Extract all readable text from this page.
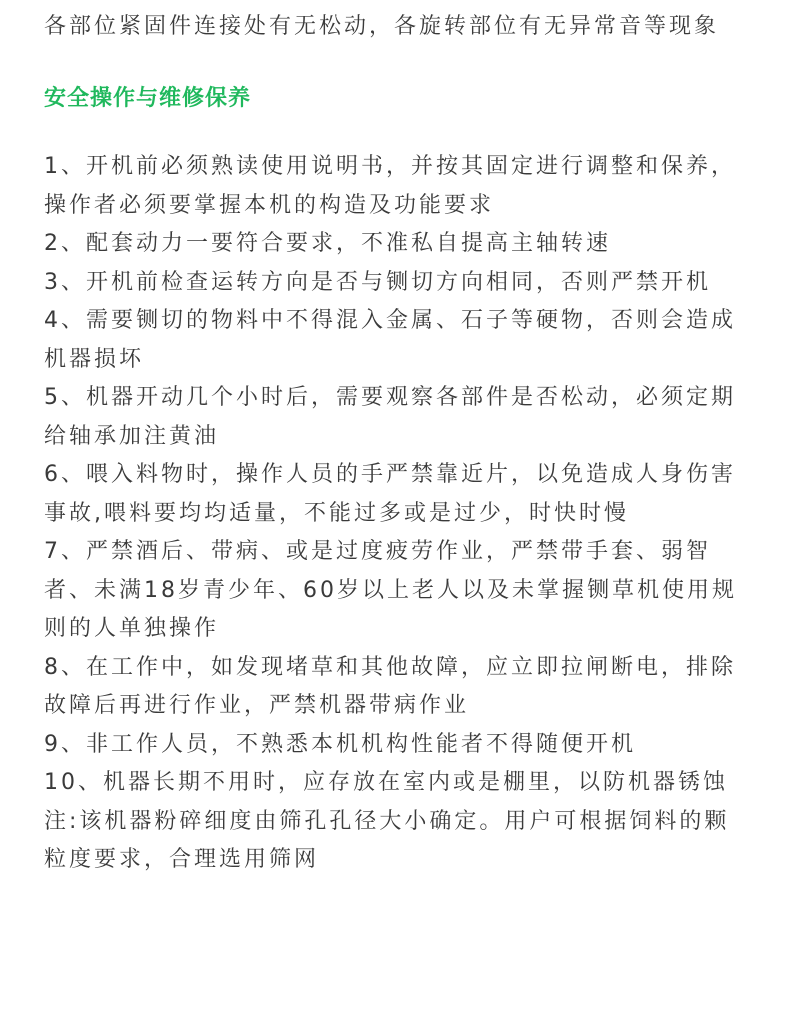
各部位紧固件连接处有无松动，各旋转部位有无异常音等现象

安全操作与维修保养
1、开机前必须熟读使用说明书，并按其固定进行调整和保养，操作者必须要掌握本机的构造及功能要求
2、配套动力一要符合要求，不准私自提高主轴转速
3、开机前检查运转方向是否与铡切方向相同，否则严禁开机
4、需要铡切的物料中不得混入金属、石子等硬物，否则会造成机器损坏
5、机器开动几个小时后，需要观察各部件是否松动，必须定期给轴承加注黄油
6、喂入料物时，操作人员的手严禁靠近片，以免造成人身伤害事故,喂料要均均适量，不能过多或是过少，时快时慢
7、严禁酒后、带病、或是过度疲劳作业，严禁带手套、弱智者、未满18岁青少年、60岁以上老人以及未掌握铡草机使用规则的人单独操作
8、在工作中，如发现堵草和其他故障，应立即拉闸断电，排除故障后再进行作业，严禁机器带病作业
9、非工作人员，不熟悉本机机构性能者不得随便开机
10、机器长期不用时，应存放在室内或是棚里，以防机器锈蚀

注:该机器粉碎细度由筛孔孔径大小确定。用户可根据饲料的颗粒度要求，合理选用筛网
